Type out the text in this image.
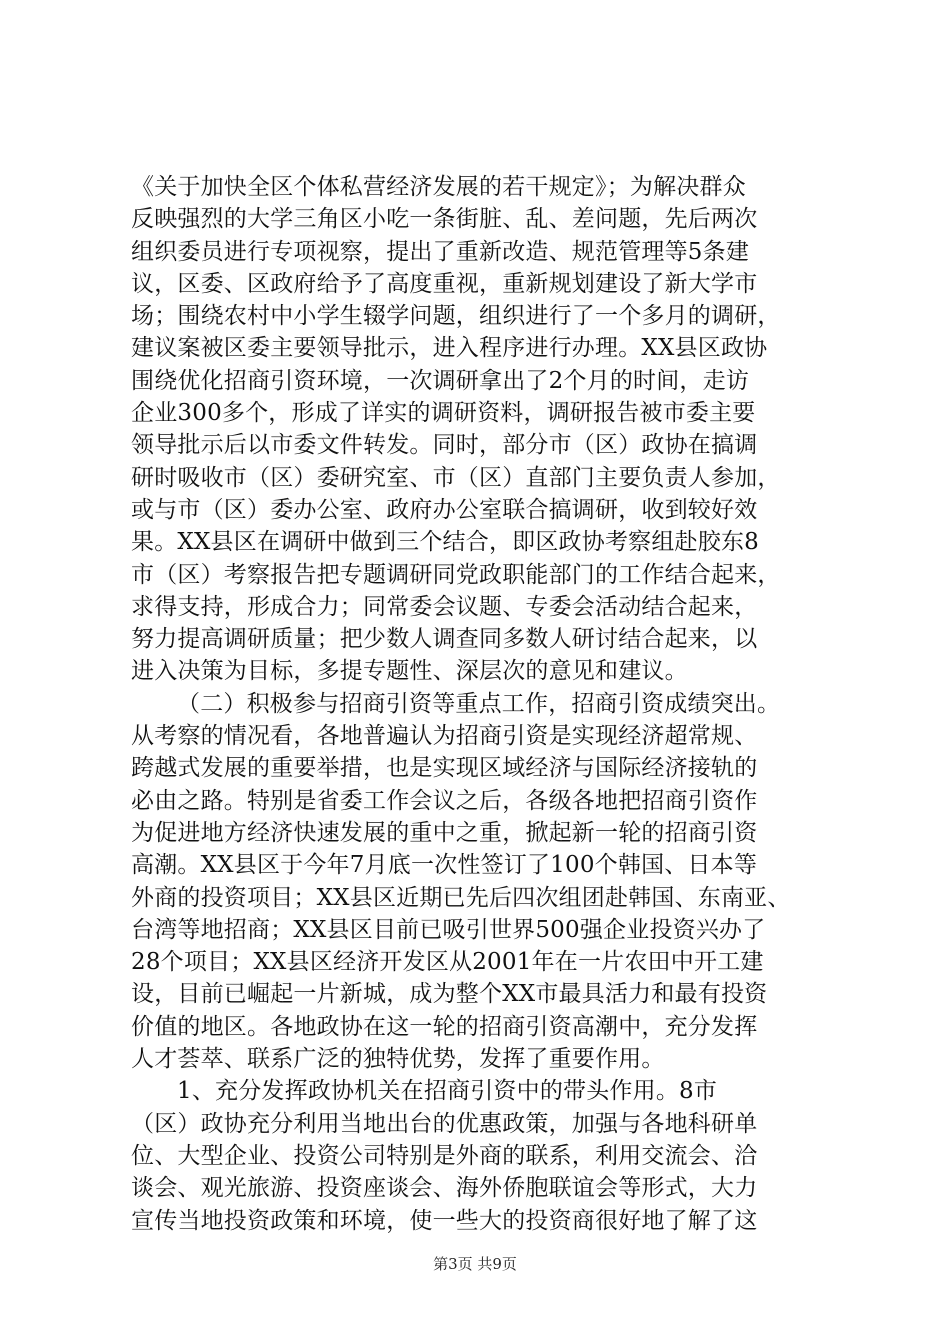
《关于加快全区个体私营经济发展的若干规定》；为解决群众
反映强烈的大学三角区小吃一条街脏、乱、差问题，先后两次
组织委员进行专项视察，提出了重新改造、规范管理等5条建
议，区委、区政府给予了高度重视，重新规划建设了新大学市
场；围绕农村中小学生辍学问题，组织进行了一个多月的调研，
建议案被区委主要领导批示，进入程序进行办理。XX县区政协
围绕优化招商引资环境，一次调研拿出了2个月的时间，走访
企业300多个，形成了详实的调研资料，调研报告被市委主要
领导批示后以市委文件转发。同时，部分市（区）政协在搞调
研时吸收市（区）委研究室、市（区）直部门主要负责人参加，
或与市（区）委办公室、政府办公室联合搞调研，收到较好效
果。XX县区在调研中做到三个结合，即区政协考察组赴胶东8
市（区）考察报告把专题调研同党政职能部门的工作结合起来，
求得支持，形成合力；同常委会议题、专委会活动结合起来，
努力提高调研质量；把少数人调查同多数人研讨结合起来，以
进入决策为目标，多提专题性、深层次的意见和建议。
（二）积极参与招商引资等重点工作，招商引资成绩突出。
从考察的情况看，各地普遍认为招商引资是实现经济超常规、
跨越式发展的重要举措，也是实现区域经济与国际经济接轨的
必由之路。特别是省委工作会议之后，各级各地把招商引资作
为促进地方经济快速发展的重中之重，掀起新一轮的招商引资
高潮。XX县区于今年7月底一次性签订了100个韩国、日本等
外商的投资项目；XX县区近期已先后四次组团赴韩国、东南亚、
台湾等地招商；XX县区目前已吸引世界500强企业投资兴办了
28个项目；XX县区经济开发区从2001年在一片农田中开工建
设，目前已崛起一片新城，成为整个XX市最具活力和最有投资
价值的地区。各地政协在这一轮的招商引资高潮中，充分发挥
人才荟萃、联系广泛的独特优势，发挥了重要作用。
1、充分发挥政协机关在招商引资中的带头作用。8市
（区）政协充分利用当地出台的优惠政策，加强与各地科研单
位、大型企业、投资公司特别是外商的联系，利用交流会、洽
谈会、观光旅游、投资座谈会、海外侨胞联谊会等形式，大力
宣传当地投资政策和环境，使一些大的投资商很好地了解了这
第3页 共9页
